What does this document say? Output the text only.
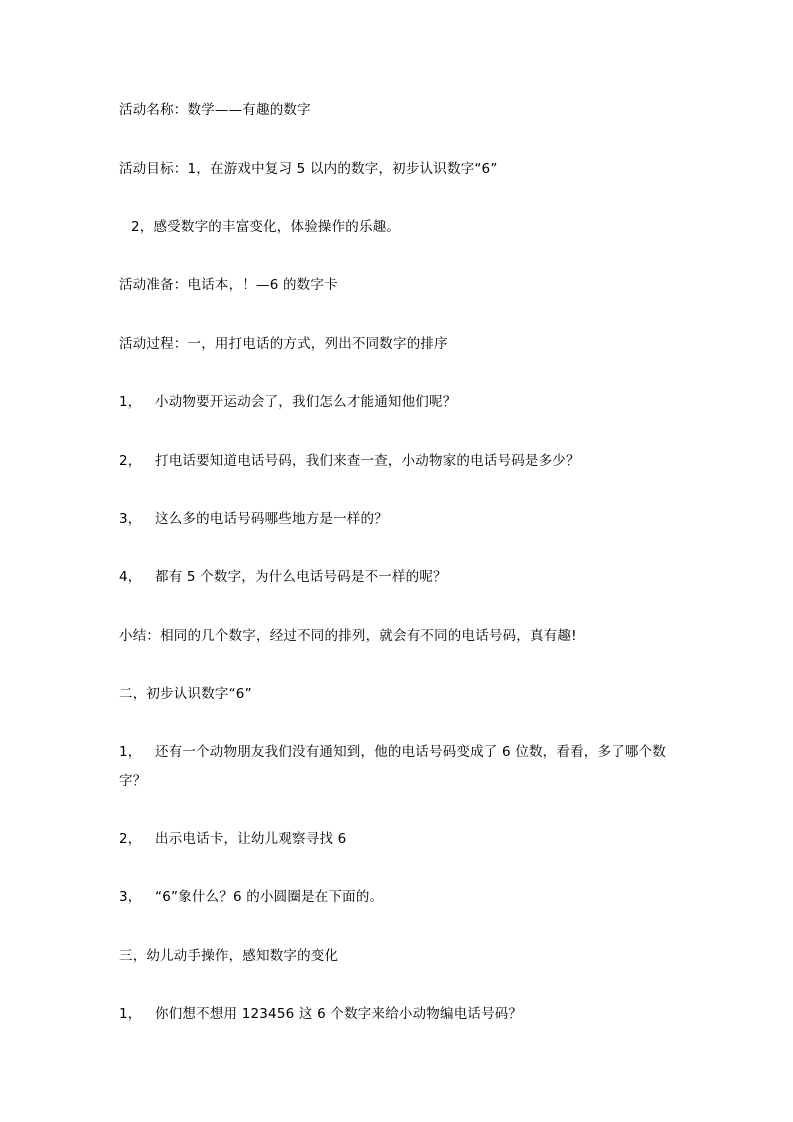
活动名称：数学——有趣的数字
活动目标：1，在游戏中复习 5 以内的数字，初步认识数字“6”
2，感受数字的丰富变化，体验操作的乐趣。
活动准备：电话本，！—6 的数字卡
活动过程：一，用打电话的方式，列出不同数字的排序
1， 小动物要开运动会了，我们怎么才能通知他们呢？
2， 打电话要知道电话号码，我们来查一查，小动物家的电话号码是多少？
3， 这么多的电话号码哪些地方是一样的？
4， 都有 5 个数字，为什么电话号码是不一样的呢？
小结：相同的几个数字，经过不同的排列，就会有不同的电话号码，真有趣!
二，初步认识数字“6”
1， 还有一个动物朋友我们没有通知到，他的电话号码变成了 6 位数，看看，多了哪个数
字？
2， 出示电话卡，让幼儿观察寻找 6
3， “6”象什么？6 的小圆圈是在下面的。
三，幼儿动手操作，感知数字的变化
1， 你们想不想用 123456 这 6 个数字来给小动物编电话号码？
